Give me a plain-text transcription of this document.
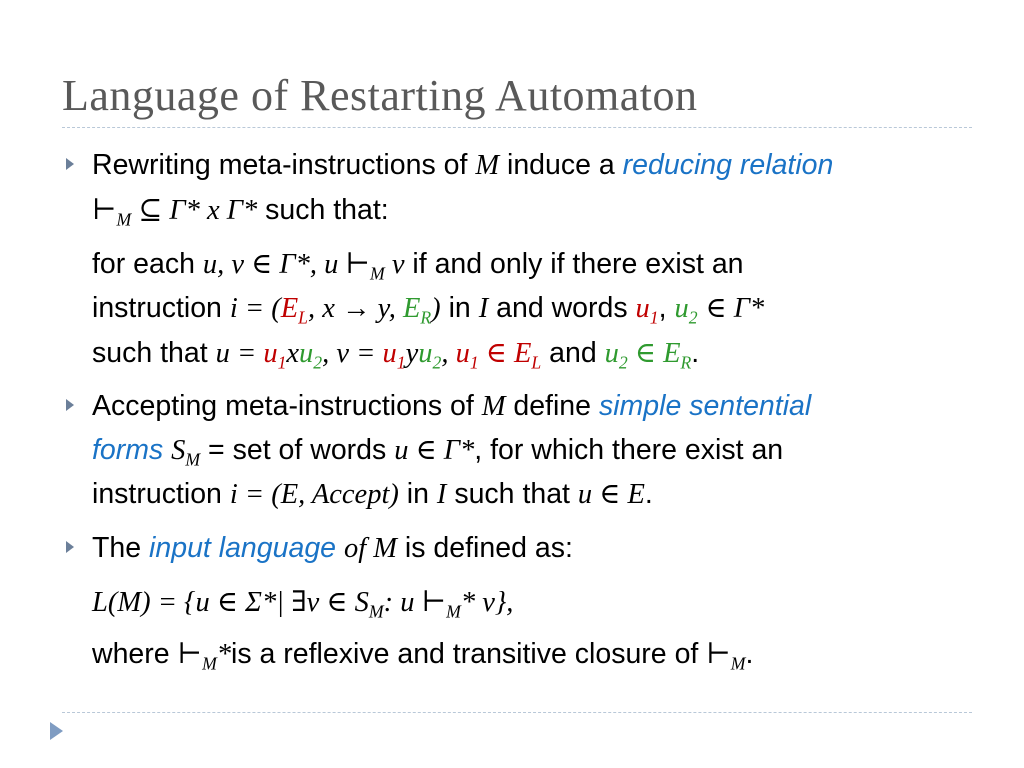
Language of Restarting Automaton
Rewriting meta-instructions of M induce a reducing relation
$⊢_M$ ⊆ Γ* x Γ* such that:
for each u, v ∈ Γ*, u $⊢_M$ v if and only if there exist an
instruction $i = (E_L$, x → y, $E_R$) in I and words $u_1$, $u_2$ ∈ Γ*
such that $u = u_1xu_2$, $v = u_1yu_2$, $u_1$ ∈ $E_L$ and $u_2$ ∈ $E_R$.
Accepting meta-instructions of M define simple sentential
forms $S_M$ = set of words u ∈ Γ*, for which there exist an
instruction i = (E, Accept) in I such that u ∈ E.
The input language of M is defined as:
L(M) = {u ∈ Σ*| ∃v ∈ $S_M$: u $⊢_M*$ v},
where $⊢_M*is$ a reflexive and transitive closure of $⊢_M$.
